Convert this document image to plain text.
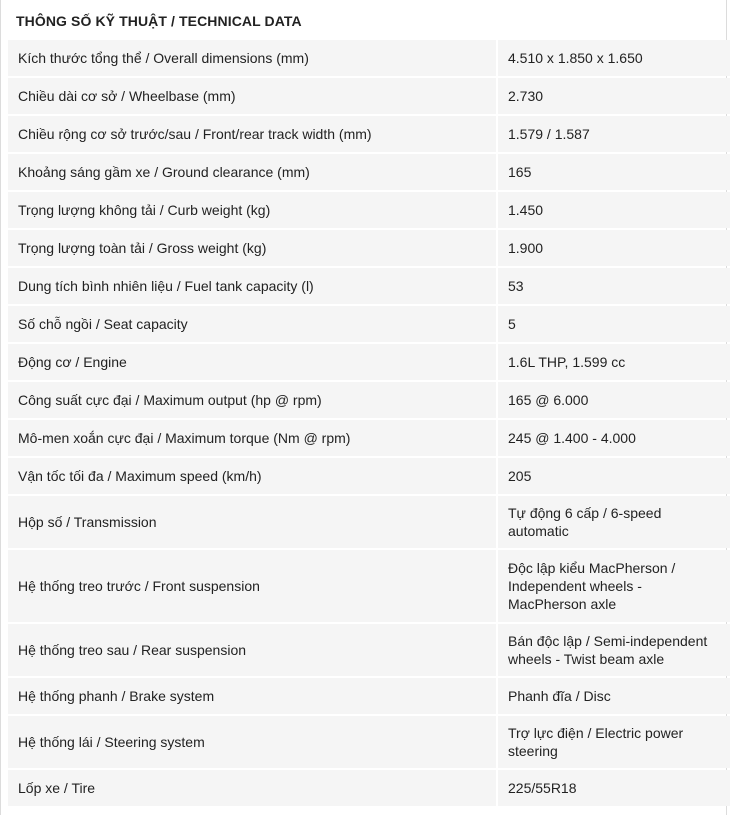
THÔNG SỐ KỸ THUẬT / TECHNICAL DATA
Kích thước tổng thể / Overall dimensions (mm)	4.510 x 1.850 x 1.650
Chiều dài cơ sở / Wheelbase (mm)	2.730
Chiều rộng cơ sở trước/sau / Front/rear track width (mm)	1.579 / 1.587
Khoảng sáng gầm xe / Ground clearance (mm)	165
Trọng lượng không tải / Curb weight (kg)	1.450
Trọng lượng toàn tải / Gross weight (kg)	1.900
Dung tích bình nhiên liệu / Fuel tank capacity (l)	53
Số chỗ ngồi / Seat capacity	5
Động cơ / Engine	1.6L THP, 1.599 cc
Công suất cực đại / Maximum output (hp @ rpm)	165 @ 6.000
Mô-men xoắn cực đại / Maximum torque (Nm @ rpm)	245 @ 1.400 - 4.000
Vận tốc tối đa / Maximum speed (km/h)	205
Hộp số / Transmission	Tự động 6 cấp / 6-speed automatic
Hệ thống treo trước / Front suspension	Độc lập kiểu MacPherson / Independent wheels - MacPherson axle
Hệ thống treo sau / Rear suspension	Bán độc lập / Semi-independent wheels - Twist beam axle
Hệ thống phanh / Brake system	Phanh đĩa / Disc
Hệ thống lái / Steering system	Trợ lực điện / Electric power steering
Lốp xe / Tire	225/55R18
